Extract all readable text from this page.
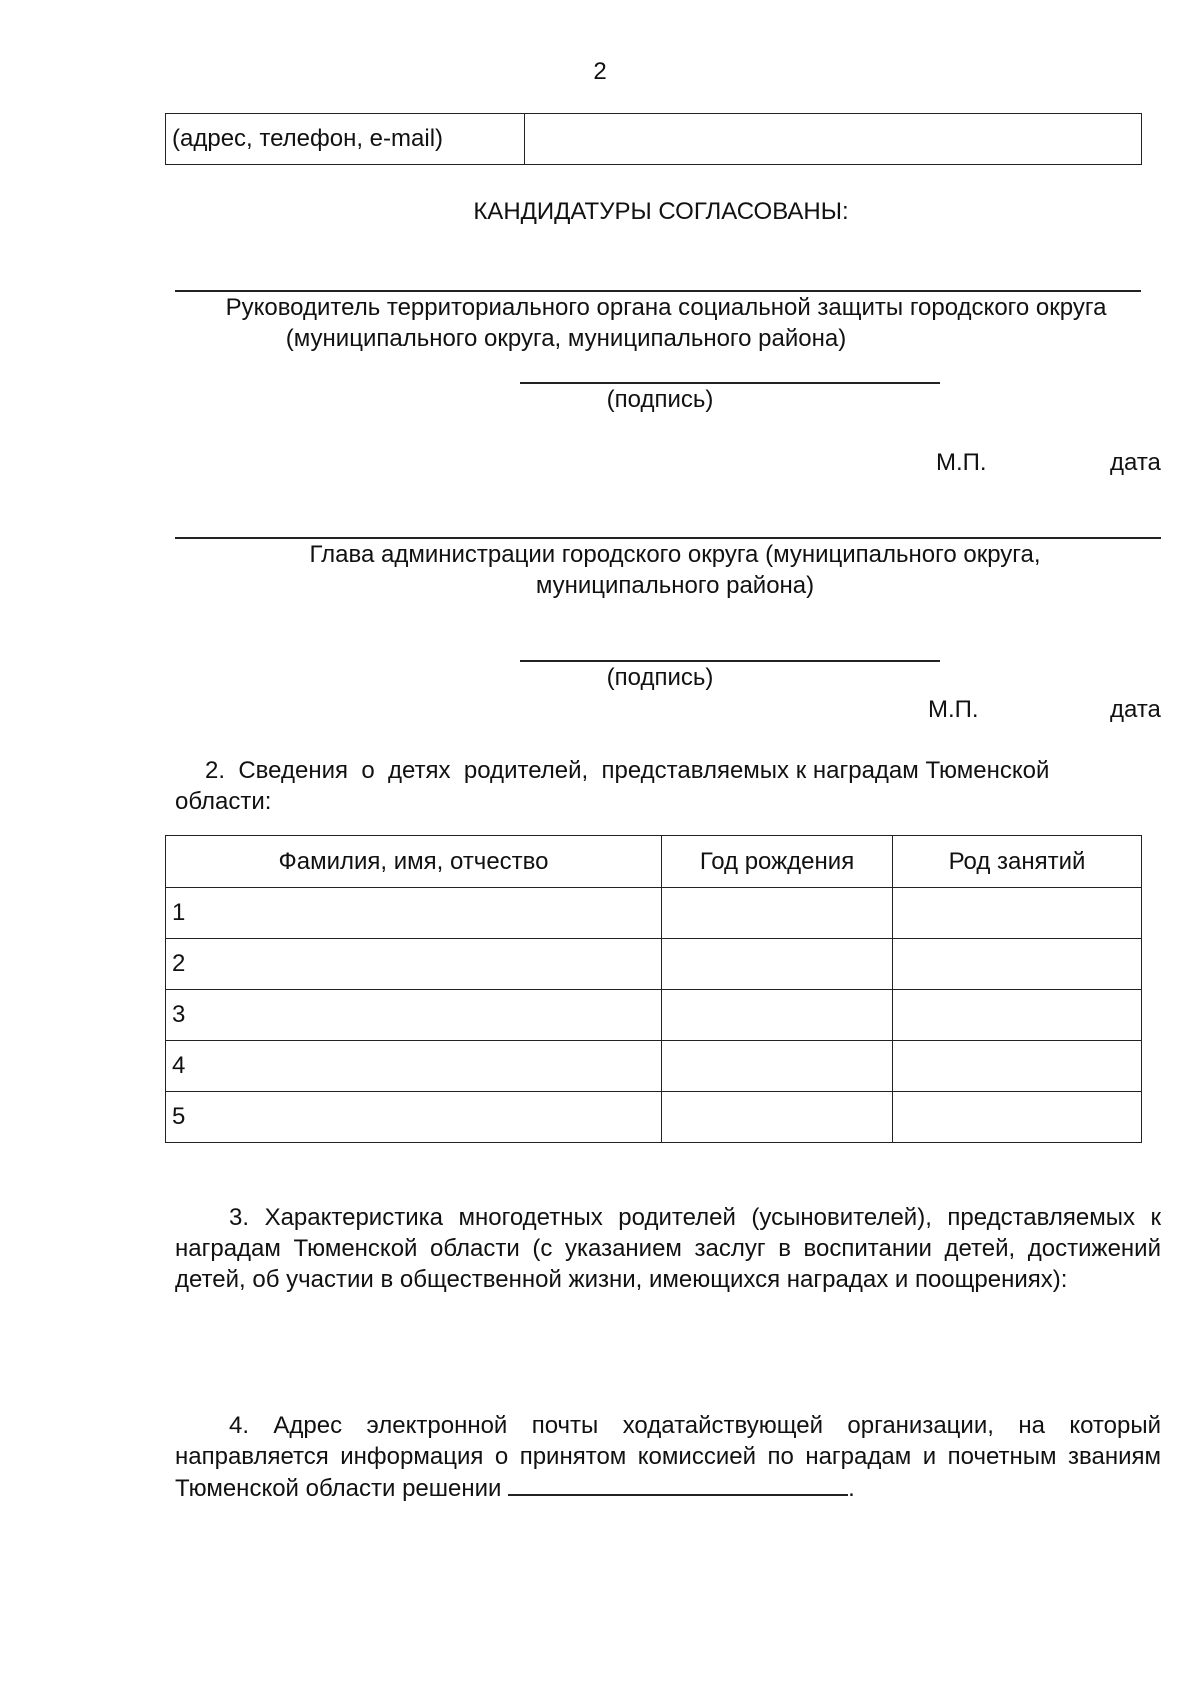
2
(адрес, телефон, e-mail)	
КАНДИДАТУРЫ СОГЛАСОВАНЫ:
Руководитель территориального органа социальной защиты городского округа
(муниципального округа, муниципального района)
(подпись)
М.П.	дата
Глава администрации городского округа (муниципального округа,
муниципального района)
(подпись)
М.П.	дата
2.  Сведения  о  детях  родителей,  представляемых к наградам Тюменской
области:
Фамилия, имя, отчество	Год рождения	Род занятий
1		
2		
3		
4		
5		
3. Характеристика многодетных родителей (усыновителей), представляемых к наградам Тюменской области (с указанием заслуг в воспитании детей, достижений детей, об участии в общественной жизни, имеющихся наградах и поощрениях):
4. Адрес электронной почты ходатайствующей организации, на который направляется информация о принятом комиссией по наградам и почетным званиям Тюменской области решении	.
